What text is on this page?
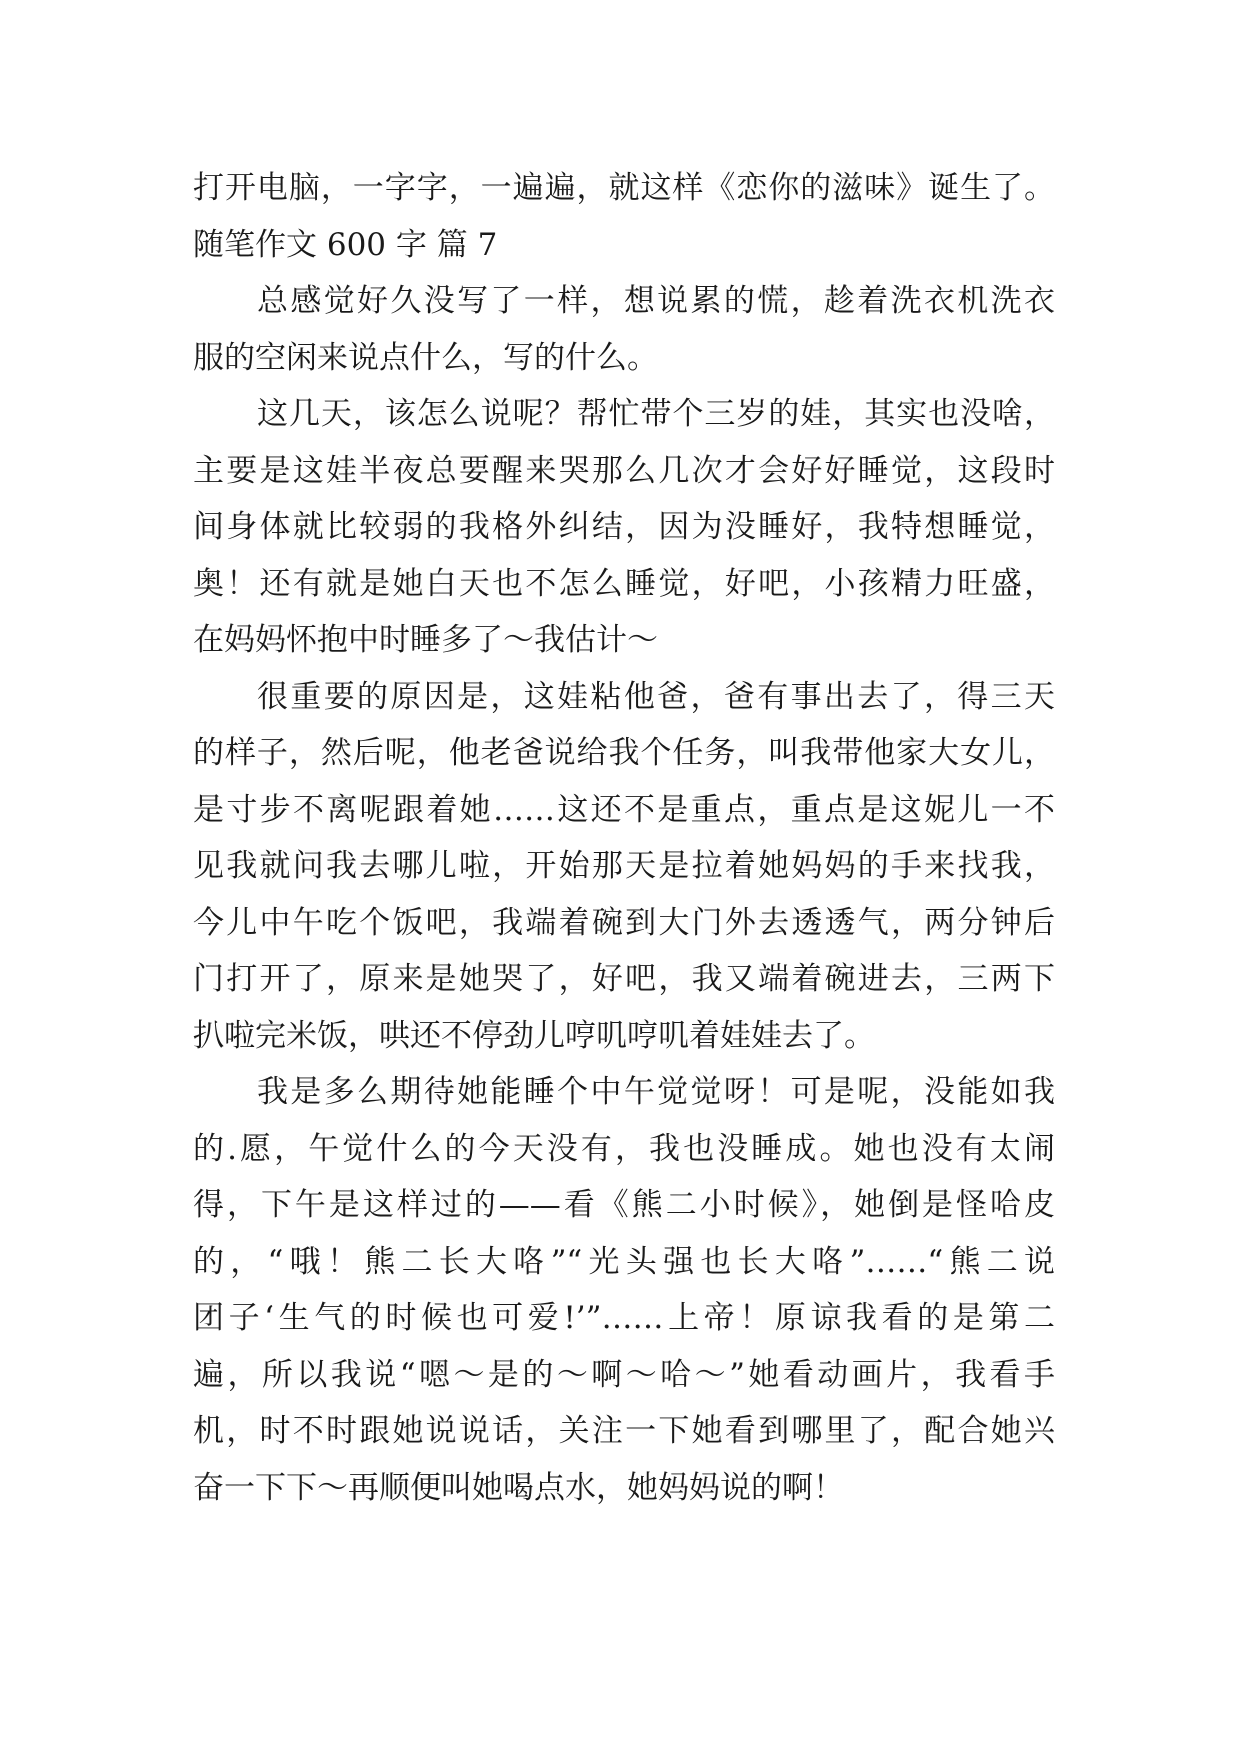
打开电脑，一字字，一遍遍，就这样《恋你的滋味》诞生了。
随笔作文 600 字 篇 7
总感觉好久没写了一样，想说累的慌，趁着洗衣机洗衣
服的空闲来说点什么，写的什么。
这几天，该怎么说呢？帮忙带个三岁的娃，其实也没啥，
主要是这娃半夜总要醒来哭那么几次才会好好睡觉，这段时
间身体就比较弱的我格外纠结，因为没睡好，我特想睡觉，
奥！还有就是她白天也不怎么睡觉，好吧，小孩精力旺盛，
在妈妈怀抱中时睡多了～我估计～
很重要的原因是，这娃粘他爸，爸有事出去了，得三天
的样子，然后呢，他老爸说给我个任务，叫我带他家大女儿，
是寸步不离呢跟着她……这还不是重点，重点是这妮儿一不
见我就问我去哪儿啦，开始那天是拉着她妈妈的手来找我，
今儿中午吃个饭吧，我端着碗到大门外去透透气，两分钟后
门打开了，原来是她哭了，好吧，我又端着碗进去，三两下
扒啦完米饭，哄还不停劲儿哼叽哼叽着娃娃去了。
我是多么期待她能睡个中午觉觉呀！可是呢，没能如我
的.愿，午觉什么的今天没有，我也没睡成。她也没有太闹
得，下午是这样过的——看《熊二小时候》，她倒是怪哈皮
的，“哦！熊二长大咯”“光头强也长大咯”……“熊二说
团子‘生气的时候也可爱!’”……上帝！原谅我看的是第二
遍，所以我说“嗯～是的～啊～哈～”她看动画片，我看手
机，时不时跟她说说话，关注一下她看到哪里了，配合她兴
奋一下下～再顺便叫她喝点水，她妈妈说的啊！
